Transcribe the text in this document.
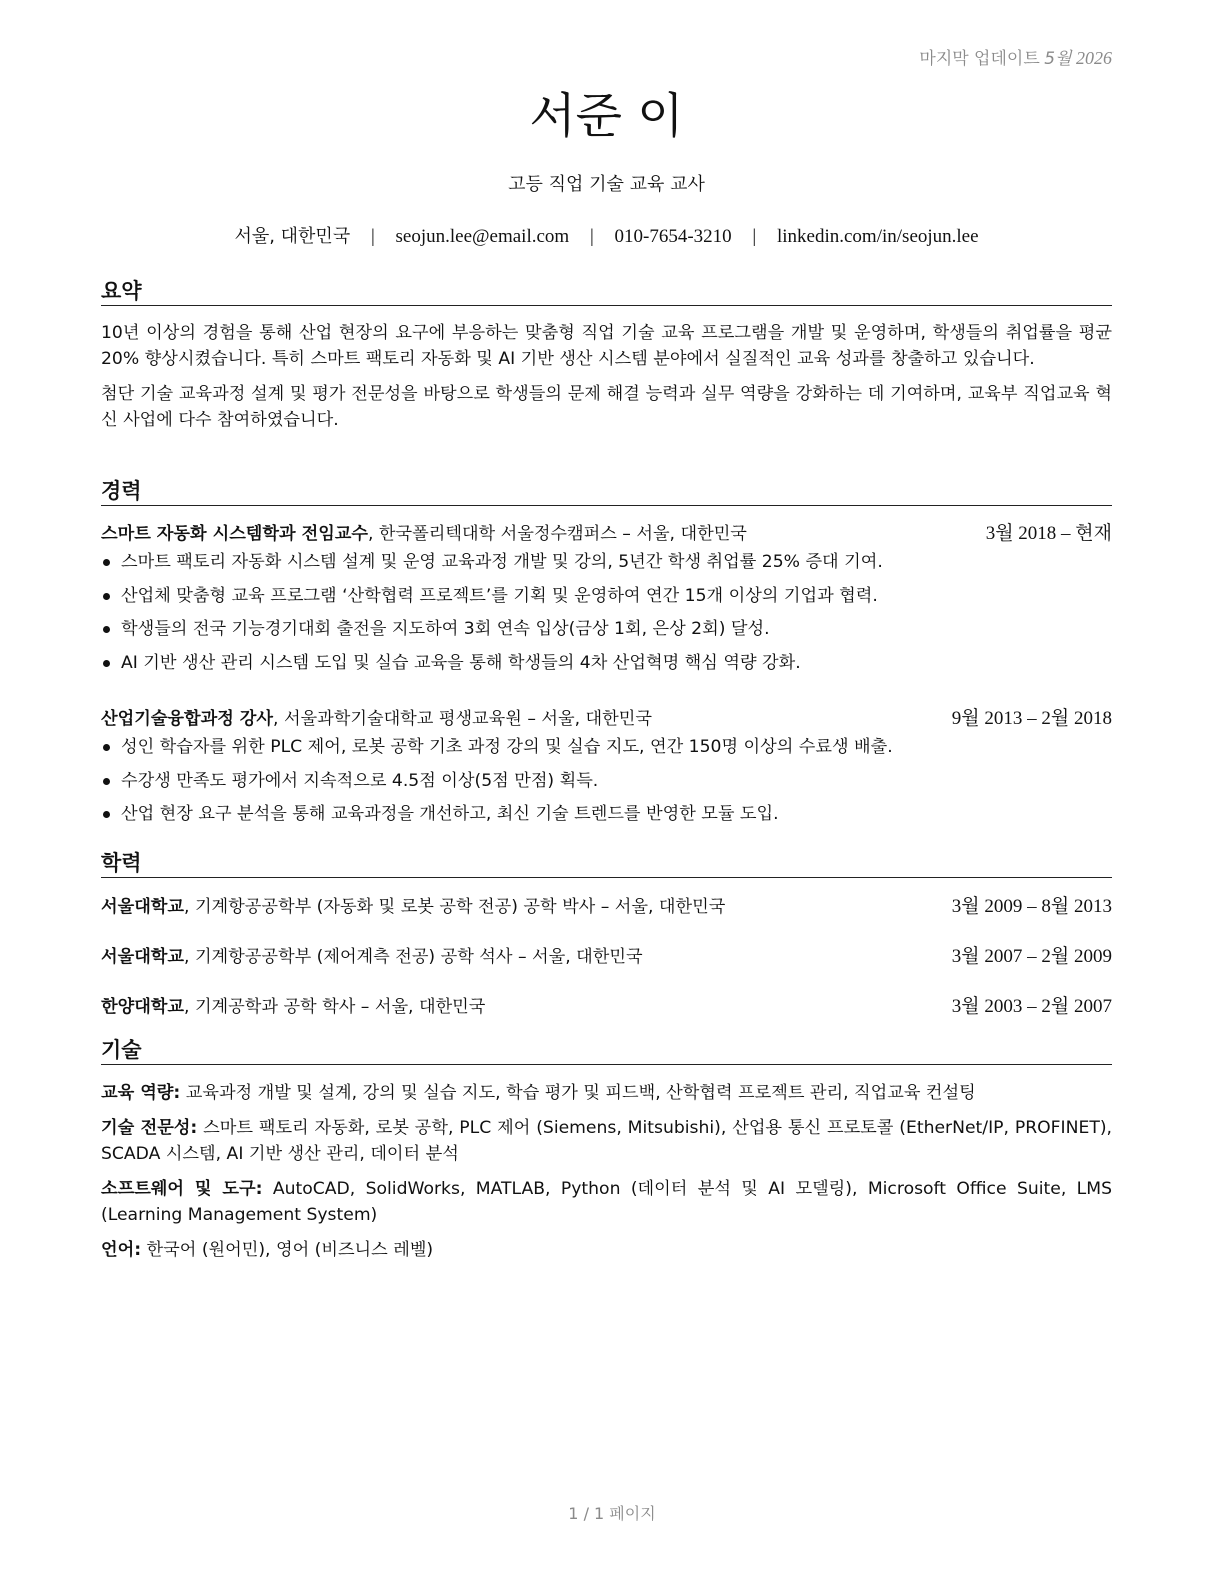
마지막 업데이트 5월 2026
서준 이
고등 직업 기술 교육 교사
서울, 대한민국 | seojun.lee@email.com | 010-7654-3210 | linkedin.com/in/seojun.lee
요약

10년 이상의 경험을 통해 산업 현장의 요구에 부응하는 맞춤형 직업 기술 교육 프로그램을 개발 및 운영하며, 학생들의 취업률을 평균 20% 향상시켰습니다. 특히 스마트 팩토리 자동화 및 AI 기반 생산 시스템 분야에서 실질적인 교육 성과를 창출하고 있습니다.

첨단 기술 교육과정 설계 및 평가 전문성을 바탕으로 학생들의 문제 해결 능력과 실무 역량을 강화하는 데 기여하며, 교육부 직업교육 혁신 사업에 다수 참여하였습니다.

경력
스마트 자동화 시스템학과 전임교수, 한국폴리텍대학 서울정수캠퍼스 – 서울, 대한민국	3월 2018 – 현재
스마트 팩토리 자동화 시스템 설계 및 운영 교육과정 개발 및 강의, 5년간 학생 취업률 25% 증대 기여.
산업체 맞춤형 교육 프로그램 ‘산학협력 프로젝트’를 기획 및 운영하여 연간 15개 이상의 기업과 협력.
학생들의 전국 기능경기대회 출전을 지도하여 3회 연속 입상(금상 1회, 은상 2회) 달성.
AI 기반 생산 관리 시스템 도입 및 실습 교육을 통해 학생들의 4차 산업혁명 핵심 역량 강화.
산업기술융합과정 강사, 서울과학기술대학교 평생교육원 – 서울, 대한민국	9월 2013 – 2월 2018
성인 학습자를 위한 PLC 제어, 로봇 공학 기초 과정 강의 및 실습 지도, 연간 150명 이상의 수료생 배출.
수강생 만족도 평가에서 지속적으로 4.5점 이상(5점 만점) 획득.
산업 현장 요구 분석을 통해 교육과정을 개선하고, 최신 기술 트렌드를 반영한 모듈 도입.
학력
서울대학교, 기계항공공학부 (자동화 및 로봇 공학 전공) 공학 박사 – 서울, 대한민국	3월 2009 – 8월 2013
서울대학교, 기계항공공학부 (제어계측 전공) 공학 석사 – 서울, 대한민국	3월 2007 – 2월 2009
한양대학교, 기계공학과 공학 학사 – 서울, 대한민국	3월 2003 – 2월 2007
기술

교육 역량: 교육과정 개발 및 설계, 강의 및 실습 지도, 학습 평가 및 피드백, 산학협력 프로젝트 관리, 직업교육 컨설팅

기술 전문성: 스마트 팩토리 자동화, 로봇 공학, PLC 제어 (Siemens, Mitsubishi), 산업용 통신 프로토콜 (EtherNet/IP, PROFINET), SCADA 시스템, AI 기반 생산 관리, 데이터 분석

소프트웨어 및 도구: AutoCAD, SolidWorks, MATLAB, Python (데이터 분석 및 AI 모델링), Microsoft Office Suite, LMS (Learning Management System)

언어: 한국어 (원어민), 영어 (비즈니스 레벨)

1 / 1 페이지
